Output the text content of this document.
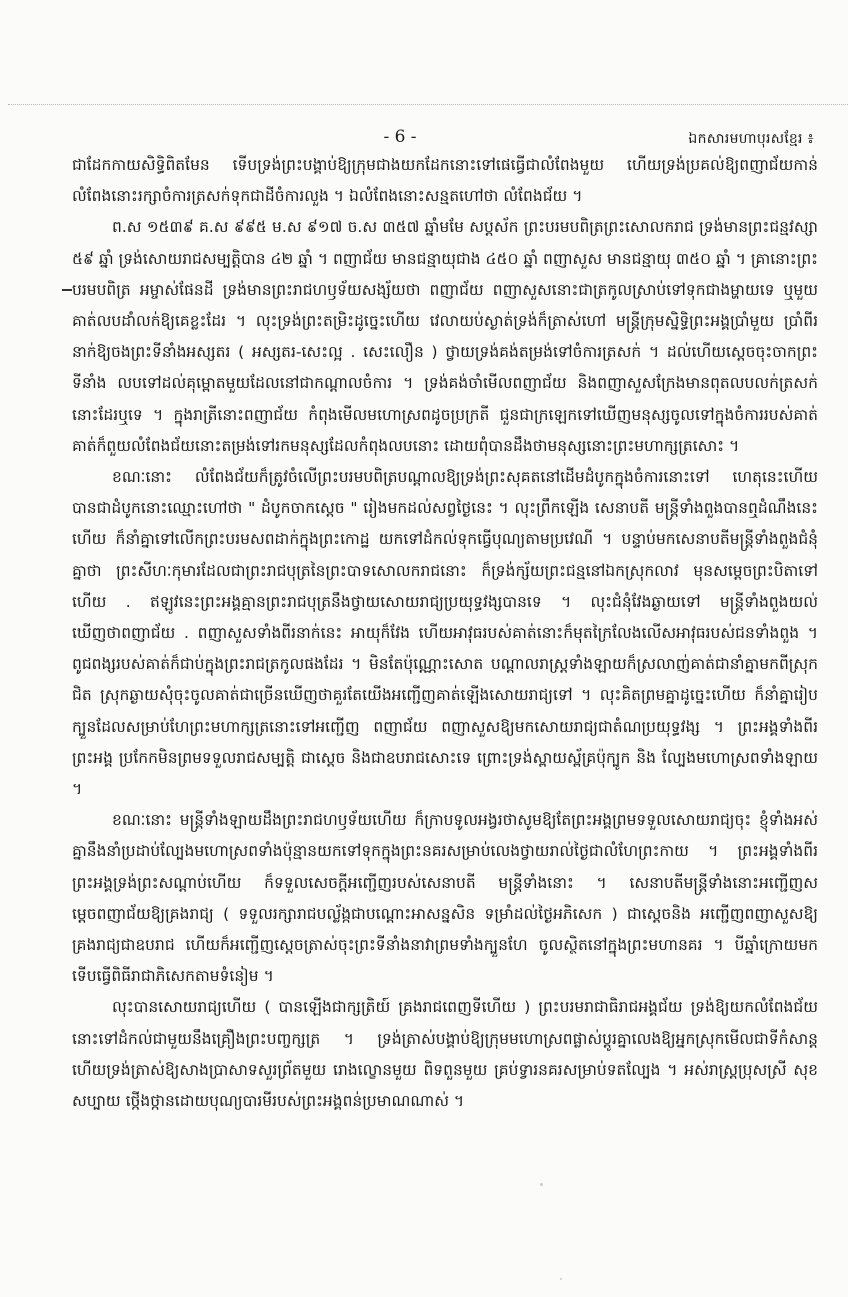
- 6 -	ឯកសារមហាបុរសខ្មែរ ៖

ជាដែកកាយសិទ្ធិពិតមែន ទើបទ្រង់ព្រះបង្គាប់ឱ្យក្រុមជាងយកដែកនោះទៅផេធ្វើជាលំពែងមួយ ហើយទ្រង់ប្រគល់ឱ្យពញាជ័យកាន់លំពែងនោះរក្សាចំការត្រសក់ទុកជាដីចំការលួង ។ ឯលំពែងនោះសន្មតហៅថា លំពែងជ័យ ។

ព.ស ១៥៣៩ គ.ស ៩៩៥ ម.ស ៩១៧ ច.ស ៣៥៧ ឆ្នាំមមែ សប្តស័ក ព្រះបរមបពិត្រព្រះសោលករាជ ទ្រង់មានព្រះជន្មវស្សា ៥៩ ឆ្នាំ ទ្រង់សោយរាជសម្បត្តិបាន ៤២ ឆ្នាំ ។ ពញាជ័យ មានជន្មាយុជាង ៤៥០ ឆ្នាំ ពញាសួស មានជន្មាយុ ៣៥០ ឆ្នាំ ។ គ្រានោះព្រះបរមបពិត្រ អម្ចាស់ផែនដី ទ្រង់មានព្រះរាជហឫទ័យសង្ស័យថា ពញាជ័យ ពញាសួសនោះជាត្រកូលស្រាប់ទៅទុកជាងម្ហាយទេ ឬមួយគាត់លបដាំលក់ឱ្យគេខ្លះដែរ ។ លុះទ្រង់ព្រះតម្រិះដូច្នេះហើយ វេលាយប់ស្ងាត់ទ្រង់ក៏ត្រាស់ហៅ មន្ត្រីក្រុមស្និទ្ធិព្រះអង្គប្រាំមួយ ប្រាំពីរនាក់ឱ្យចងព្រះទីនាំងអស្សតរ ( អស្សតរ-សេះល្អ . សេះលឿន ) ថ្វាយទ្រង់គង់តម្រង់ទៅចំការត្រសក់ ។ ដល់ហើយស្តេចចុះចាកព្រះទីនាំង លបទៅដល់គុម្ពោតមួយដែលនៅជាកណ្តាលចំការ ។ ទ្រង់គង់ចាំមើលពញាជ័យ និងពញាសួសក្រែងមានពុតលបលក់ត្រសក់នោះដែរឬទេ ។ ក្នុងរាត្រីនោះពញាជ័យ កំពុងមើលមហោស្រពដូចប្រក្រតី ជួនជាក្រឡេកទៅឃើញមនុស្សចូលទៅក្នុងចំការរបស់គាត់ គាត់ក៏ពួយលំពែងជ័យនោះតម្រង់ទៅរកមនុស្សដែលកំពុងលបនោះ ដោយពុំបានដឹងថាមនុស្សនោះព្រះមហាក្សត្រសោះ ។

ខណៈនោះ លំពែងជ័យក៏ត្រូវចំលើព្រះបរមបពិត្របណ្តាលឱ្យទ្រង់ព្រះសុគតនៅដើមដំបូកក្នុងចំការនោះទៅ ហេតុនេះហើយបានជាដំបូកនោះឈ្មោះហៅថា " ដំបូកចាកស្តេច " រៀងមកដល់សព្វថ្ងៃនេះ ។ លុះព្រឹកឡើង សេនាបតី មន្ត្រីទាំងពួងបានឮដំណឹងនេះហើយ ក៏នាំគ្នាទៅលើកព្រះបរមសពដាក់ក្នុងព្រះកោដ្ឋ យកទៅដំកល់ទុកធ្វើបុណ្យតាមប្រវេណី ។ បន្ទាប់មកសេនាបតីមន្ត្រីទាំងពួងជំនុំគ្នាថា ព្រះសីហៈកុមារដែលជាព្រះរាជបុត្រនៃព្រះបាទសោលករាជនោះ ក៏ទ្រង់ក្ស័យព្រះជន្មនៅឯកស្រុកលាវ មុនសម្តេចព្រះបិតាទៅហើយ . ឥឡូវនេះព្រះអង្គគ្មានព្រះរាជបុត្រនឹងថ្វាយសោយរាជ្យប្រយុទ្ធវង្សបានទេ ។ លុះជំនុំវែងឆ្ងាយទៅ មន្ត្រីទាំងពួងយល់ឃើញថាពញាជ័យ . ពញាសួសទាំងពីរនាក់នេះ អាយុក៏វែង ហើយអាវុធរបស់គាត់នោះក៏មុតក្រៃលែងលើសអាវុធរបស់ជនទាំងពួង ។ ពូជពង្សរបស់គាត់ក៏ជាប់ក្នុងព្រះរាជត្រកូលផងដែរ ។ មិនតែប៉ុណ្ណោះសោត បណ្តាលរាស្ត្រទាំងឡាយក៏ស្រលាញ់គាត់ជានាំគ្នាមកពីស្រុកជិត ស្រុកឆ្ងាយសុំចុះចូលគាត់ជាច្រើនឃើញថាគួរតែយើងអញ្ជើញគាត់ឡើងសោយរាជ្យទៅ ។ លុះគិតព្រមគ្នាដូច្នេះហើយ ក៏នាំគ្នារៀបក្បួនដែលសម្រាប់ហែព្រះមហាក្សត្រនោះទៅអញ្ជើញ ពញាជ័យ ពញាសួសឱ្យមកសោយរាជ្យជាតំណប្រយុទ្ធវង្ស ។ ព្រះអង្គទាំងពីរព្រះអង្គ ប្រកែកមិនព្រមទទួលរាជសម្បត្តិ ជាស្តេច និងជាឧបរាជសោះទេ ព្រោះទ្រង់ស្ពាយស្ព័គ្រប៉ុក្បូក និង ល្បែងមហោស្រពទាំងឡាយ ។

ខណៈនោះ មន្ត្រីទាំងឡាយដឹងព្រះរាជហឫទ័យហើយ ក៏ក្រាបទូលអង្វរថាសូមឱ្យតែព្រះអង្គព្រមទទួលសោយរាជ្យចុះ ខ្ញុំទាំងអស់គ្នានឹងនាំប្រដាប់ល្បែងមហោស្រពទាំងប៉ុន្មានយកទៅទុកក្នុងព្រះនគរសម្រាប់លេងថ្វាយរាល់ថ្ងៃជាលំហែព្រះកាយ ។ ព្រះអង្គទាំងពីរព្រះអង្គទ្រង់ព្រះសណ្តាប់ហើយ ក៏ទទួលសេចក្តីអញ្ជើញរបស់សេនាបតី មន្ត្រីទាំងនោះ ។ សេនាបតីមន្ត្រីទាំងនោះអញ្ជើញសម្តេចពញាជ័យឱ្យគ្រងរាជ្យ ( ទទួលរក្សារាជបល្ល័ង្កជាបណ្តោះអាសន្នសិន ទម្រាំដល់ថ្ងៃអភិសេក ) ជាស្តេចនិង អញ្ជើញពញាសួសឱ្យគ្រងរាជ្យជាឧបរាជ ហើយក៏អញ្ជើញស្តេចត្រាស់ចុះព្រះទីនាំងនាវាព្រមទាំងក្បួនហែ ចូលស្ថិតនៅក្នុងព្រះមហានគរ ។ បីឆ្នាំក្រោយមកទើបធ្វើពិធីរាជាភិសេកតាមទំនៀម ។

លុះបានសោយរាជ្យហើយ ( បានឡើងជាក្សត្រិយ៍ គ្រងរាជពេញទីហើយ ) ព្រះបរមរាជាធិរាជអង្គជ័យ ទ្រង់ឱ្យយកលំពែងជ័យនោះទៅដំកល់ជាមួយនឹងគ្រឿងព្រះបញ្ចក្សត្រ ។ ទ្រង់ត្រាស់បង្គាប់ឱ្យក្រុមមហោស្រពផ្លាស់ប្តូរគ្នាលេងឱ្យអ្នកស្រុកមើលជាទីកំសាន្ត ហើយទ្រង់ត្រាស់ឱ្យសាងប្រាសាទសួរព្រ័តមួយ រោងល្ខោនមួយ ពិទពួនមួយ គ្រប់ទ្វារនគរសម្រាប់ទតល្បែង ។ អស់រាស្ត្រប្រុសស្រី សុខសប្បាយ ថ្កើងថ្កានដោយបុណ្យបារមីរបស់ព្រះអង្គពន់ប្រមាណណាស់ ។
